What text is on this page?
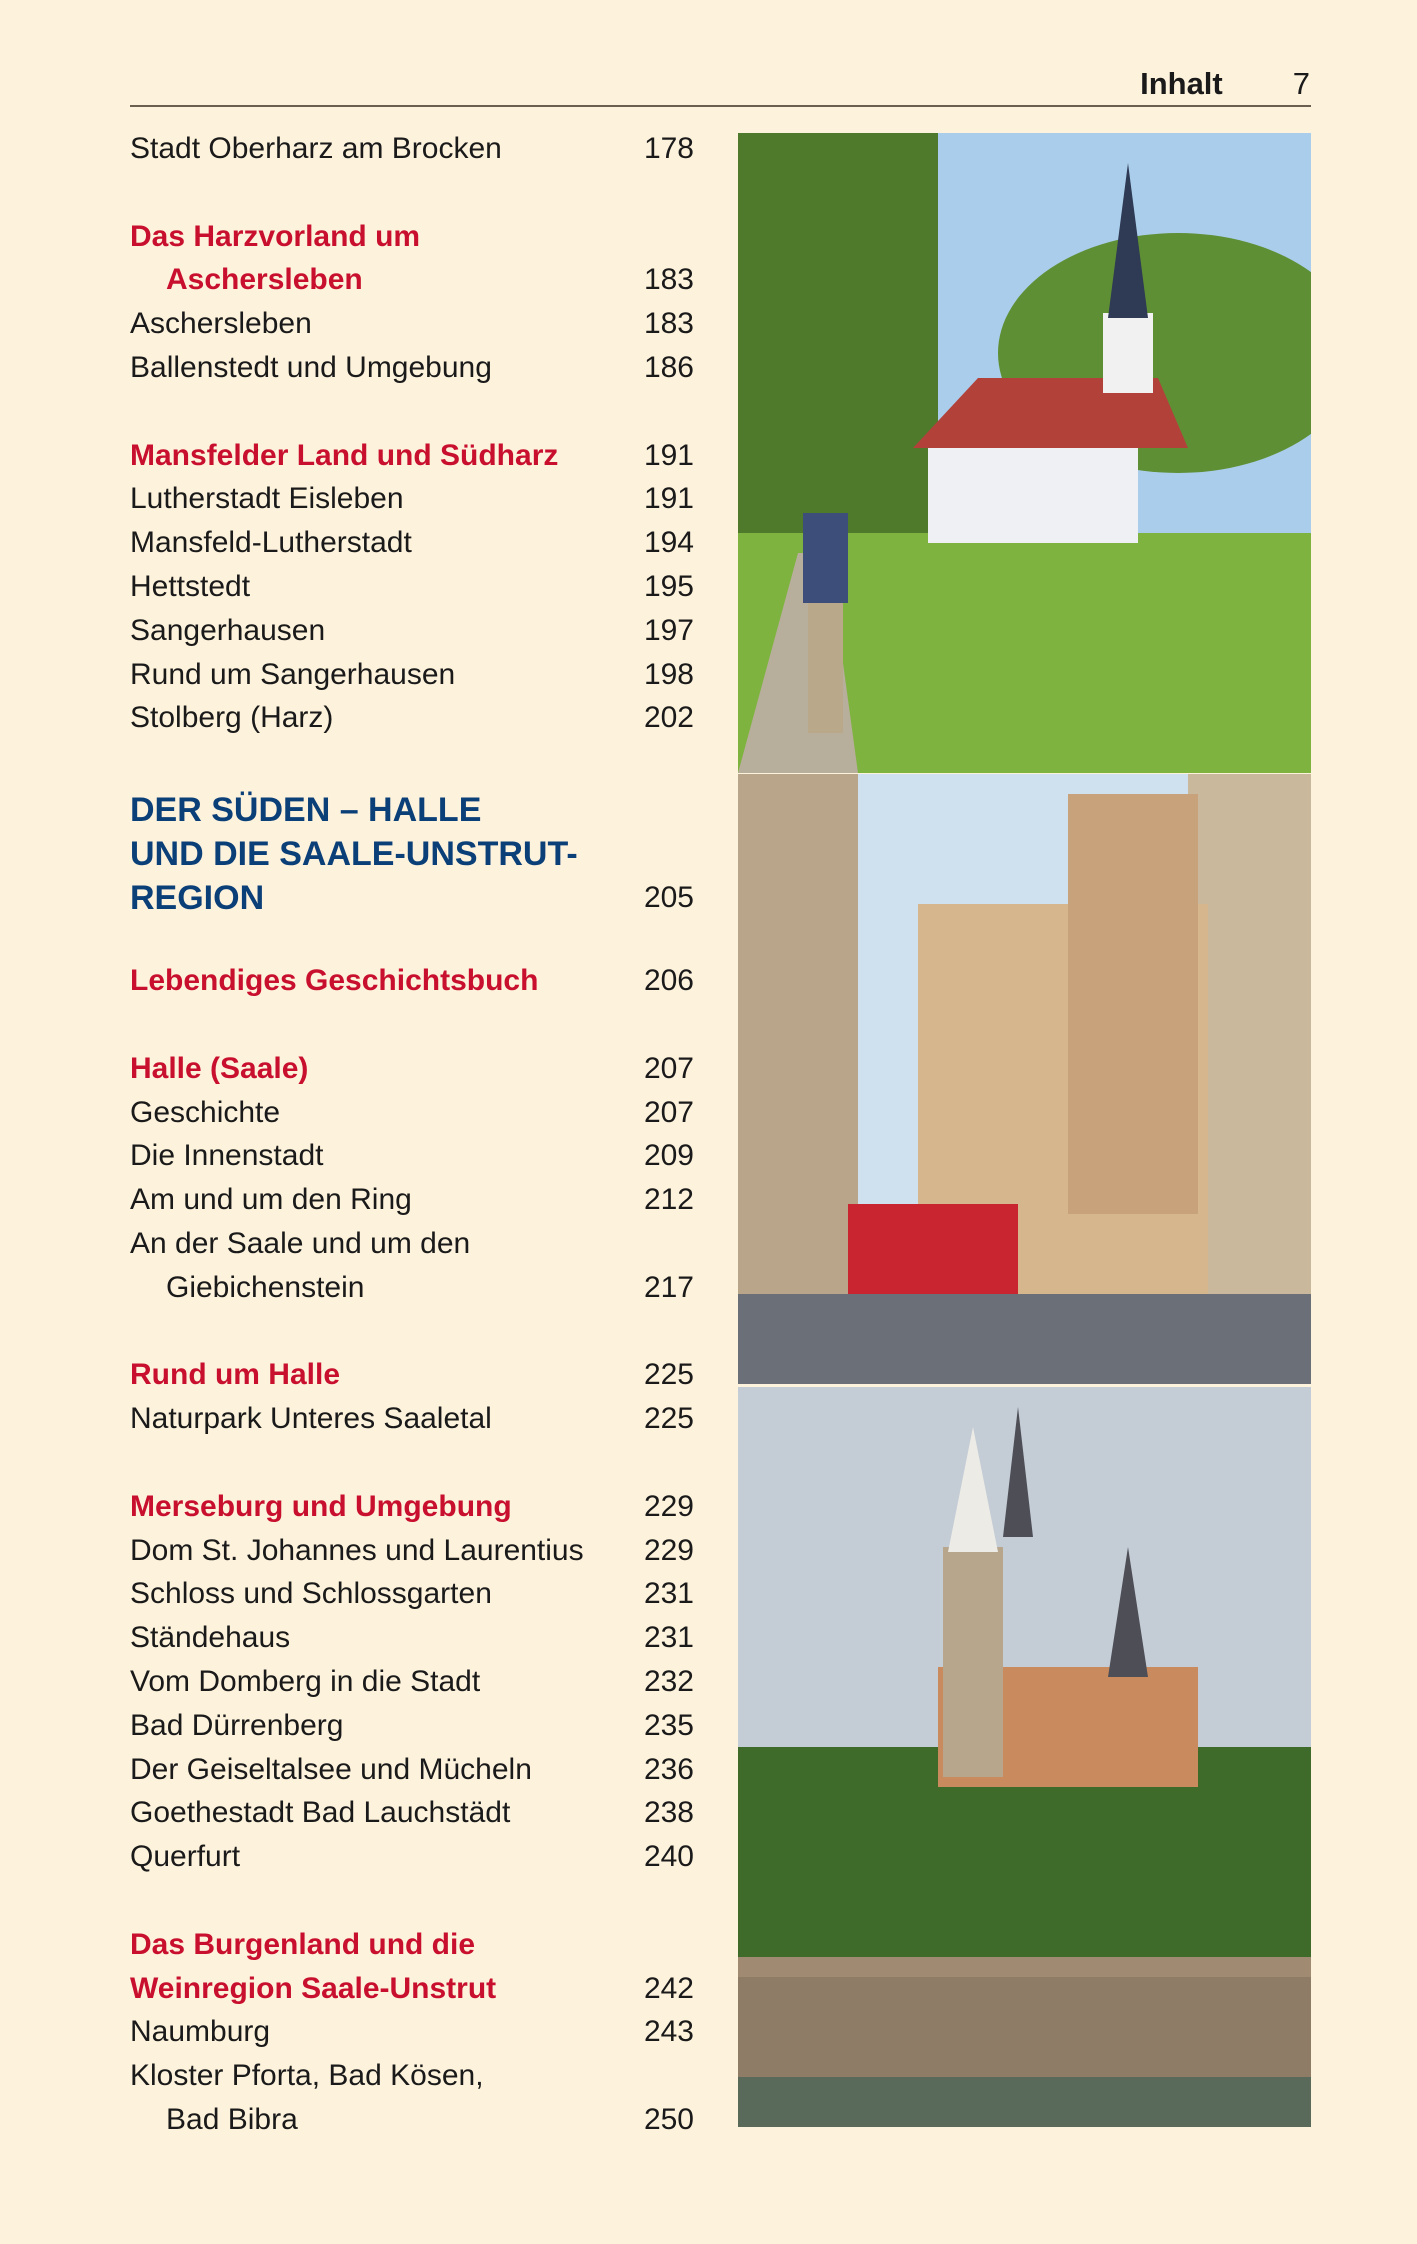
Inhalt 7
Stadt Oberharz am Brocken	178
Das Harzvorland um
Aschersleben	183
Aschersleben	183
Ballenstedt und Umgebung	186
Mansfelder Land und Südharz	191
Lutherstadt Eisleben	191
Mansfeld-Lutherstadt	194
Hettstedt	195
Sangerhausen	197
Rund um Sangerhausen	198
Stolberg (Harz)	202
DER SÜDEN – HALLE
UND DIE SAALE-UNSTRUT-
REGION	205
Lebendiges Geschichtsbuch	206
Halle (Saale)	207
Geschichte	207
Die Innenstadt	209
Am und um den Ring	212
An der Saale und um den
Giebichenstein	217
Rund um Halle	225
Naturpark Unteres Saaletal	225
Merseburg und Umgebung	229
Dom St. Johannes und Laurentius 229
Schloss und Schlossgarten	231
Ständehaus	231
Vom Domberg in die Stadt	232
Bad Dürrenberg	235
Der Geiseltalsee und Mücheln	236
Goethestadt Bad Lauchstädt	238
Querfurt	240
Das Burgenland und die
Weinregion Saale-Unstrut	242
Naumburg	243
Kloster Pforta, Bad Kösen,
Bad Bibra	250
